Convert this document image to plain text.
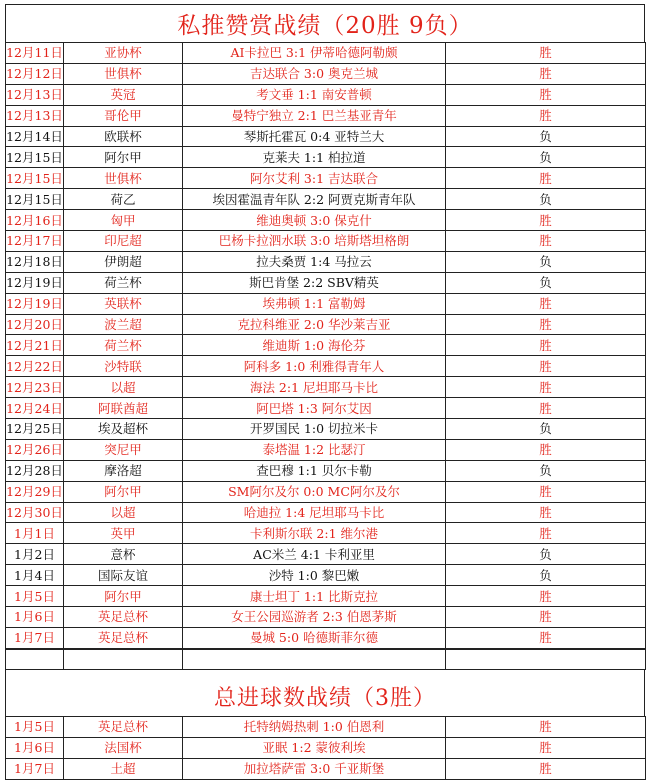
私推赞赏战绩（20胜 9负）
12月11日	亚协杯	AI卡拉巴 3:1 伊蒂哈德阿勒颇	胜
12月12日	世俱杯	吉达联合 3:0 奥克兰城	胜
12月13日	英冠	考文垂 1:1 南安普顿	胜
12月13日	哥伦甲	曼特宁独立 2:1 巴兰基亚青年	胜
12月14日	欧联杯	琴斯托霍瓦 0:4 亚特兰大	负
12月15日	阿尔甲	克莱夫 1:1 柏拉道	负
12月15日	世俱杯	阿尔艾利 3:1 吉达联合	胜
12月15日	荷乙	埃因霍温青年队 2:2 阿贾克斯青年队	负
12月16日	匈甲	维迪奥顿 3:0 保克什	胜
12月17日	印尼超	巴杨卡拉泗水联 3:0 培斯塔坦格朗	胜
12月18日	伊朗超	拉夫桑贾 1:4 马拉云	负
12月19日	荷兰杯	斯巴肯堡 2:2 SBV精英	负
12月19日	英联杯	埃弗顿 1:1 富勒姆	胜
12月20日	波兰超	克拉科维亚 2:0 华沙莱吉亚	胜
12月21日	荷兰杯	维迪斯 1:0 海伦芬	胜
12月22日	沙特联	阿科多 1:0 利雅得青年人	胜
12月23日	以超	海法 2:1 尼坦耶马卡比	胜
12月24日	阿联酋超	阿巴塔 1:3 阿尔艾因	胜
12月25日	埃及超杯	开罗国民 1:0 切拉米卡	负
12月26日	突尼甲	泰塔温 1:2 比瑟汀	胜
12月28日	摩洛超	查巴穆 1:1 贝尔卡勒	负
12月29日	阿尔甲	SM阿尔及尔 0:0 MC阿尔及尔	胜
12月30日	以超	哈迪拉 1:4 尼坦耶马卡比	胜
1月1日	英甲	卡利斯尔联 2:1 维尔港	胜
1月2日	意杯	AC米兰 4:1 卡利亚里	负
1月4日	国际友谊	沙特 1:0 黎巴嫩	负
1月5日	阿尔甲	康士坦丁 1:1 比斯克拉	胜
1月6日	英足总杯	女王公园巡游者 2:3 伯恩茅斯	胜
1月7日	英足总杯	曼城 5:0 哈德斯菲尔德	胜

总进球数战绩（3胜）
1月5日	英足总杯	托特纳姆热刺 1:0 伯恩利	胜
1月6日	法国杯	亚眠 1:2 蒙彼利埃	胜
1月7日	土超	加拉塔萨雷 3:0 千亚斯堡	胜
